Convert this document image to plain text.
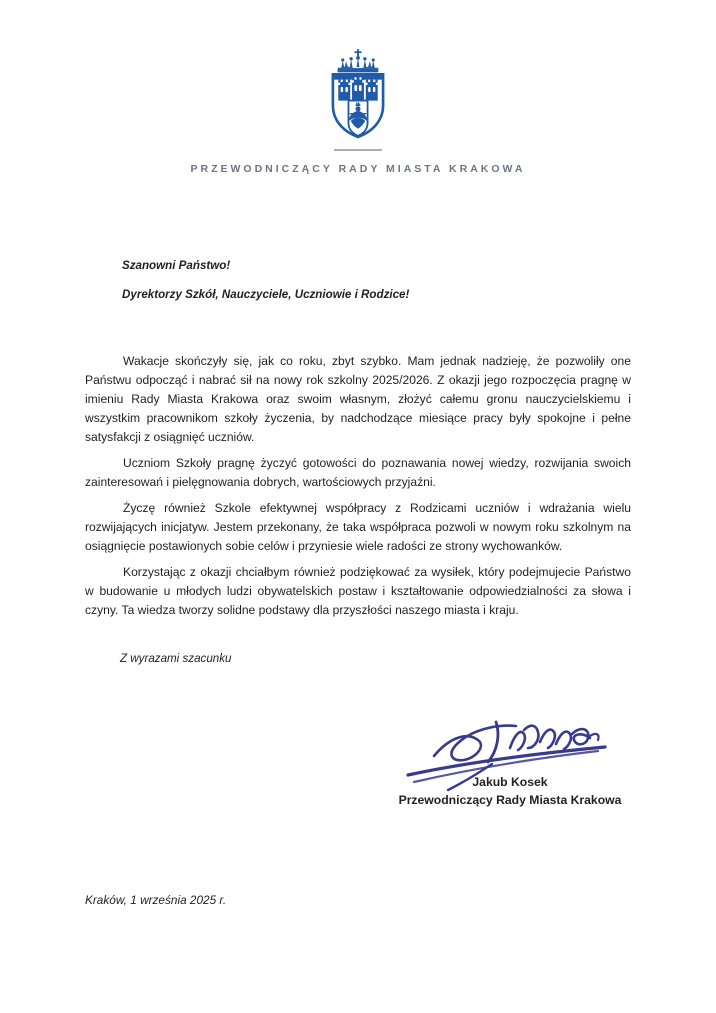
PRZEWODNICZĄCY RADY MIASTA KRAKOWA

Szanowni Państwo!

Dyrektorzy Szkół, Nauczyciele, Uczniowie i Rodzice!

Wakacje skończyły się, jak co roku, zbyt szybko. Mam jednak nadzieję, że pozwoliły one Państwu odpocząć i nabrać sił na nowy rok szkolny 2025/2026. Z okazji jego rozpoczęcia pragnę w imieniu Rady Miasta Krakowa oraz swoim własnym, złożyć całemu gronu nauczycielskiemu i wszystkim pracownikom szkoły życzenia, by nadchodzące miesiące pracy były spokojne i pełne satysfakcji z osiągnięć uczniów.

Uczniom Szkoły pragnę życzyć gotowości do poznawania nowej wiedzy, rozwijania swoich zainteresowań i pielęgnowania dobrych, wartościowych przyjaźni.

Życzę również Szkole efektywnej współpracy z Rodzicami uczniów i wdrażania wielu rozwijających inicjatyw. Jestem przekonany, że taka współpraca pozwoli w nowym roku szkolnym na osiągnięcie postawionych sobie celów i przyniesie wiele radości ze strony wychowanków.

Korzystając z okazji chciałbym również podziękować za wysiłek, który podejmujecie Państwo w budowanie u młodych ludzi obywatelskich postaw i kształtowanie odpowiedzialności za słowa i czyny. Ta wiedza tworzy solidne podstawy dla przyszłości naszego miasta i kraju.

Z wyrazami szacunku
Jakub Kosek
Przewodniczący Rady Miasta Krakowa
Kraków, 1 września 2025 r.
